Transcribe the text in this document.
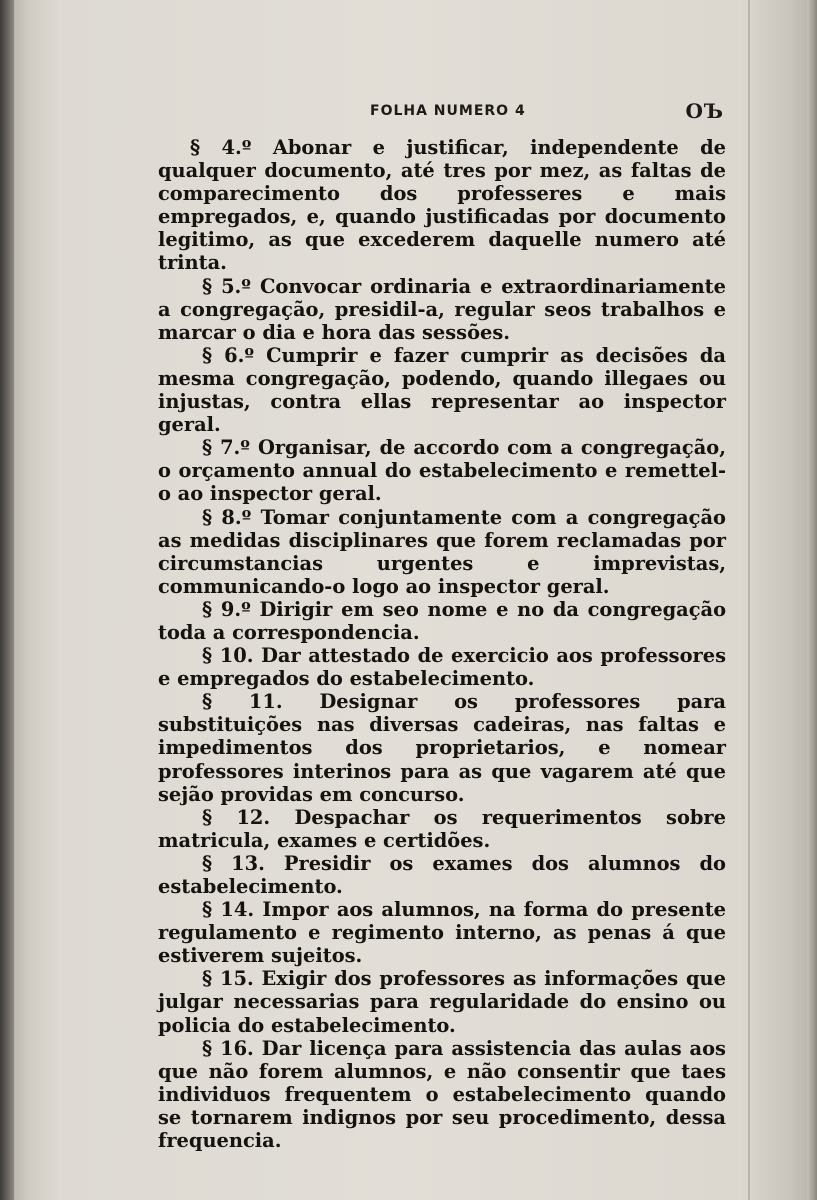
FOLHA NUMERO 4	ОЪ

§ 4.º Abonar e justificar, independente de qualquer documento, até tres por mez, as faltas de comparecimento dos professeres e mais empregados, e, quando justificadas por documento legitimo, as que excederem daquelle numero até trinta.

§ 5.º Convocar ordinaria e extraordinariamente a congregação, presidil-a, regular seos trabalhos e marcar o dia e hora das sessões.

§ 6.º Cumprir e fazer cumprir as decisões da mesma congregação, podendo, quando illegaes ou injustas, contra ellas representar ao inspector geral.

§ 7.º Organisar, de accordo com a congregação, o orçamento annual do estabelecimento e remettel-o ao inspector geral.

§ 8.º Tomar conjuntamente com a congregação as medidas disciplinares que forem reclamadas por circumstancias urgentes e imprevistas, communicando-o logo ao inspector geral.

§ 9.º Dirigir em seo nome e no da congregação toda a correspondencia.

§ 10. Dar attestado de exercicio aos professores e empregados do estabelecimento.

§ 11. Designar os professores para substituições nas diversas cadeiras, nas faltas e impedimentos dos proprietarios, e nomear professores interinos para as que vagarem até que sejão providas em concurso.

§ 12. Despachar os requerimentos sobre matricula, exames e certidões.

§ 13. Presidir os exames dos alumnos do estabelecimento.

§ 14. Impor aos alumnos, na forma do presente regulamento e regimento interno, as penas á que estiverem sujeitos.

§ 15. Exigir dos professores as informações que julgar necessarias para regularidade do ensino ou policia do estabelecimento.

§ 16. Dar licença para assistencia das aulas aos que não forem alumnos, e não consentir que taes individuos frequentem o estabelecimento quando se tornarem indignos por seu procedimento, dessa frequencia.
